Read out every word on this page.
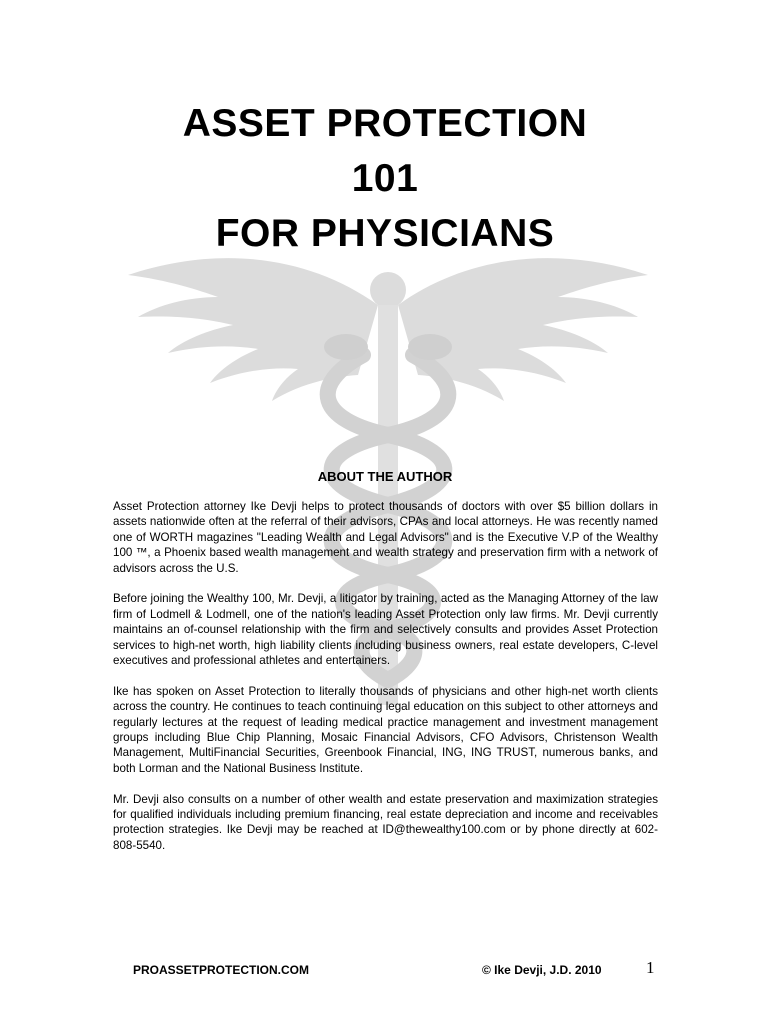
ASSET PROTECTION
101
FOR PHYSICIANS
ABOUT THE AUTHOR

Asset Protection attorney Ike Devji helps to protect thousands of doctors with over $5 billion dollars in assets nationwide often at the referral of their advisors, CPAs and local attorneys. He was recently named one of WORTH magazines "Leading Wealth and Legal Advisors" and is the Executive V.P of the Wealthy 100 ™, a Phoenix based wealth management and wealth strategy and preservation firm with a network of advisors across the U.S.

Before joining the Wealthy 100, Mr. Devji, a litigator by training, acted as the Managing Attorney of the law firm of Lodmell & Lodmell, one of the nation's leading Asset Protection only law firms. Mr. Devji currently maintains an of-counsel relationship with the firm and selectively consults and provides Asset Protection services to high-net worth, high liability clients including business owners, real estate developers, C-level executives and professional athletes and entertainers.

Ike has spoken on Asset Protection to literally thousands of physicians and other high-net worth clients across the country. He continues to teach continuing legal education on this subject to other attorneys and regularly lectures at the request of leading medical practice management and investment management groups including Blue Chip Planning, Mosaic Financial Advisors, CFO Advisors, Christenson Wealth Management, MultiFinancial Securities, Greenbook Financial, ING, ING TRUST, numerous banks, and both Lorman and the National Business Institute.

Mr. Devji also consults on a number of other wealth and estate preservation and maximization strategies for qualified individuals including premium financing, real estate depreciation and income and receivables protection strategies. Ike Devji may be reached at ID@thewealthy100.com or by phone directly at 602-808-5540.

PROASSETPROTECTION.COM	© Ike Devji, J.D. 2010	1
